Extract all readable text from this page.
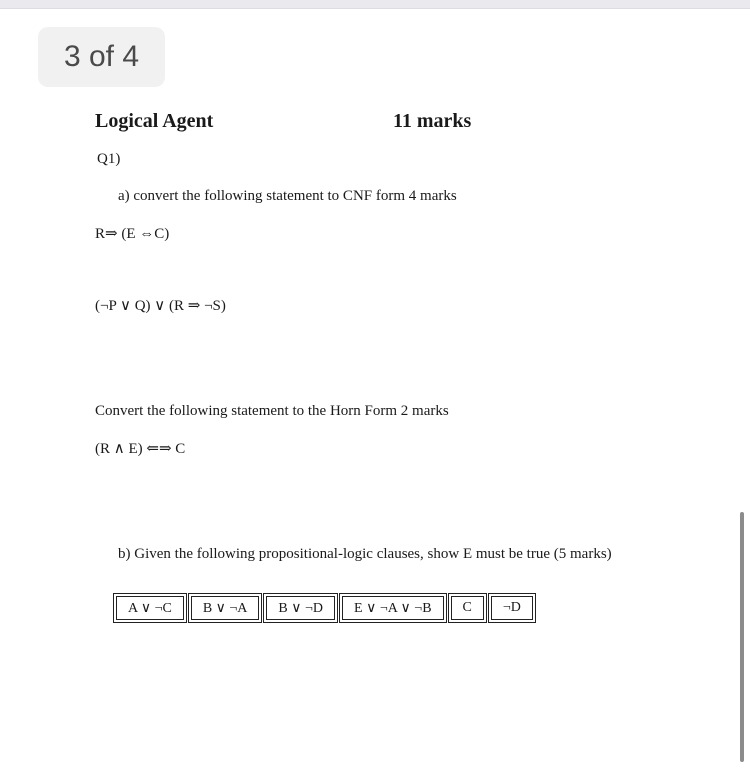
3 of 4
Logical Agent	11 marks
Q1)
a) convert the following statement to CNF form 4 marks
R⇒ (E ⇔C)
(¬P ∨ Q) ∨ (R ⇒ ¬S)
Convert the following statement to the Horn Form 2 marks
(R ∧ E) ⇐⇒ C
b) Given the following propositional-logic clauses, show E must be true (5 marks)
A ∨ ¬C	B ∨ ¬A	B ∨ ¬D	E ∨ ¬A ∨ ¬B	C	¬D
